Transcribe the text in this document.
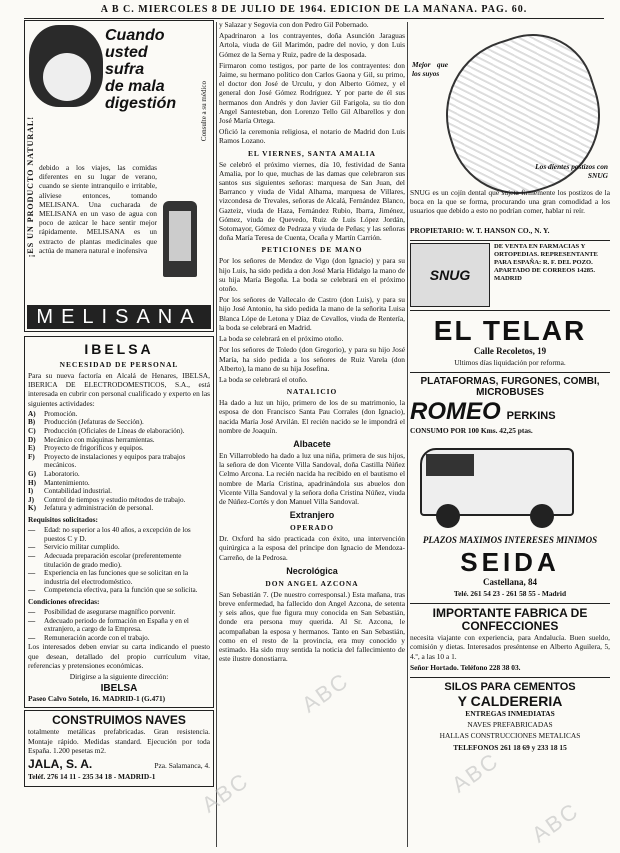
A B C. MIERCOLES 8 DE JULIO DE 1964. EDICION DE LA MAÑANA. PAG. 60.
Cuando
usted
sufra
de mala
digestión	Consulte a su médico
¡ES UN PRODUCTO NATURAL! debido a los viajes, las comidas diferentes en su lugar de verano, cuando se siente intranquilo e irritable, alíviese entonces, tomando MELISANA. Una cucharada de MELISANA en un vaso de agua con poco de azúcar le hace sentir mejor rápidamente. MELISANA es un extracto de plantas medicinales que actúa de manera natural e inofensiva
MELISANA
IBELSA
NECESIDAD DE PERSONAL

Para su nueva factoría en Alcalá de Henares, IBELSA, IBERICA DE ELECTRODOMESTICOS, S.A., está interesada en cubrir con personal cualificado y experto en las siguientes actividades:

A)	Promoción.
B)	Producción (Jefaturas de Sección).
C)	Producción (Oficiales de Líneas de elaboración).
D)	Mecánico con máquinas herramientas.
E)	Proyecto de frigoríficos y equipos.
F)	Proyecto de instalaciones y equipos para trabajos mecánicos.
G)	Laboratorio.
H)	Mantenimiento.
I)	Contabilidad industrial.
J)	Control de tiempos y estudio métodos de trabajo.
K)	Jefatura y administración de personal.

Requisitos solicitados:

—	Edad: no superior a los 40 años, a excepción de los puestos C y D.
—	Servicio militar cumplido.
—	Adecuada preparación escolar (preferentemente titulación de grado medio).
—	Experiencia en las funciones que se solicitan en la industria del electrodoméstico.
—	Competencia efectiva, para la función que se solicita.

Condiciones ofrecidas:

—	Posibilidad de asegurarse magnífico porvenir.
—	Adecuado periodo de formación en España y en el extranjero, a cargo de la Empresa.
—	Remuneración acorde con el trabajo.

Los interesados deben enviar su carta indicando el puesto que desean, detallado del propio currículum vitae, referencias y pretensiones económicas.

Dirigirse a la siguiente dirección:

IBELSA

Paseo Calvo Sotelo, 16. MADRID-1 (G.471)

CONSTRUIMOS NAVES

totalmente metálicas prefabricadas. Gran resistencia. Montaje rápido. Medidas standard. Ejecución por toda España. 1.200 pesetas m2.

JALA, S. A.	Pza. Salamanca, 4.

Teléf. 276 14 11 - 235 34 18 - MADRID-1

y Salazar y Segovia con don Pedro Gil Pobernado.

Apadrinaron a los contrayentes, doña Asunción Jaraguas Artola, viuda de Gil Marimón, padre del novio, y don Luis Gómez de la Serna y Ruiz, padre de la desposada.

Firmaron como testigos, por parte de los contrayentes: don Jaime, su hermano político don Carlos Gaona y Gil, su primo, el doctor don José de Urculu, y don Alberto Gómez, y el general don José Gómez Rodríguez. Y por parte de él sus hermanos don Andrés y don Javier Gil Farigola, su tío don Angel Santesteban, don Lorenzo Tello Gil Albarellos y don José María Ortega.

Ofició la ceremonia religiosa, el notario de Madrid don Luis Ramos Lozano.

EL VIERNES, SANTA AMALIA

Se celebró el próximo viernes, día 10, festividad de Santa Amalia, por lo que, muchas de las damas que celebraron sus santos sus siguientes señoras: marquesa de San Juan, del Barranco y viuda de Vidal Alhama, marquesa de Villares, vizcondesa de Trevales, señoras de Alcalá, Fernández Blanco, Gazteiz, viuda de Haza, Fernández Rubio, Ibarra, Jiménez, Gómez, viuda de Quevedo, Ruiz de Luis López Jordán, Sotomayor, Gómez de Pedraza y viuda de Peñas; y las señoras doña María Teresa de Cuenta, Ocaña y Martín Carrión.

PETICIONES DE MANO

Por los señores de Mendez de Vigo (don Ignacio) y para su hijo Luis, ha sido pedida a don José Maria Hidalgo la mano de su hija María Begoña. La boda se celebrará en el próximo otoño.

Por los señores de Vallecalo de Castro (don Luis), y para su hijo José Antonio, ha sido pedida la mano de la señorita Luisa Blanca Lópe de Letona y Díaz de Cevallos, viuda de Rentería, la boda se celebrará en Madrid.

La boda se celebrará en el próximo otoño.

Por los señores de Toledo (don Gregorio), y para su hijo José María, ha sido pedida a los señores de Ruiz Varela (don Alberto), la mano de su hija Josefina.

La boda se celebrará el otoño.

NATALICIO

Ha dado a luz un hijo, primero de los de su matrimonio, la esposa de don Francisco Santa Pau Corrales (don Ignacio), nacida María José Arvilán. El recién nacido se le impondrá el nombre de Joaquín.

Albacete

En Villarrobledo ha dado a luz una niña, primera de sus hijos, la señora de don Vicente Villa Sandoval, doña Castilla Núñez Celmo Arcona. La recién nacida ha recibido en el bautismo el nombre de María Cristina, apadrinándola sus abuelos don Vicente Villa Sandoval y la señora doña Cristina Núñez, viuda de Núñez-Cortés y don Manuel Villa Sandoval.

Extranjero
OPERADO

Dr. Oxford ha sido practicada con éxito, una intervención quirúrgica a la esposa del príncipe don Ignacio de Mendoza-Carreño, de la Pedrosa.

Necrológica
DON ANGEL AZCONA

San Sebastián 7. (De nuestro corresponsal.) Esta mañana, tras breve enfermedad, ha fallecido don Angel Azcona, de setenta y seis años, que fue figura muy conocida en San Sebastián, donde era persona muy querida. Al Sr. Azcona, le acompañaban la esposa y hermanos. Tanto en San Sebastián, como en el resto de la provincia, era muy conocido y estimado. Ha sido muy sentida la noticia del fallecimiento de este ilustre donostiarra.

Mejor que los suyos
Los dientes postizos con SNUG

SNUG es un cojín dental que sujeta firmemente los postizos de la boca en la que se forma, procurando una gran comodidad a los usuarios que debido a esto no podrían comer, hablar ni reír.

PROPIETARIO: W. T. HANSON CO., N. Y.

SNUG

DE VENTA EN FARMACIAS Y ORTOPEDIAS. REPRESENTANTE PARA ESPAÑA: R. F. DEL POZO. APARTADO DE CORREOS 14285. MADRID

EL TELAR
Calle Recoletos, 19
Ultimos días liquidación por reforma.
PLATAFORMAS, FURGONES, COMBI, MICROBUSES
ROMEO PERKINS
CONSUMO POR 100 Kms. 42,25 ptas.
PLAZOS MAXIMOS INTERESES MINIMOS
SEIDA
Castellana, 84
Telé. 261 54 23 - 261 58 55 - Madrid
IMPORTANTE FABRICA DE CONFECCIONES

necesita viajante con experiencia, para Andalucía. Buen sueldo, comisión y dietas. Interesados preséntense en Alberto Aguilera, 5, 4.º, a las 10 a 1.

Señor Hortado. Teléfono 228 38 03.

SILOS PARA CEMENTOS
Y CALDERERIA
ENTREGAS INMEDIATAS
NAVES PREFABRICADAS
HALLAS CONSTRUCCIONES METALICAS
TELEFONOS 261 18 69 y 233 18 15
ABC
ABC	ABC
ABC
